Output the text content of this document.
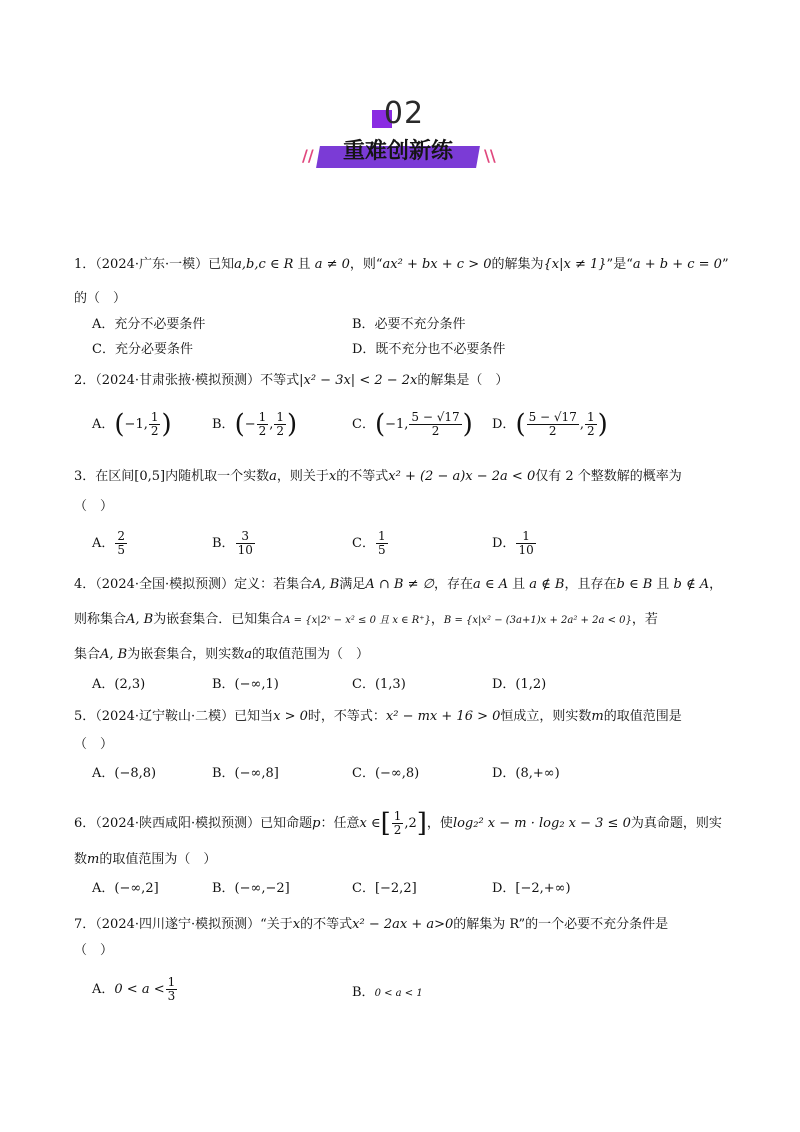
02
重难创新练
//	\\
1．（2024·广东·一模）已知a,b,c ∈ R 且 a ≠ 0，则“ax² + bx + c > 0的解集为{x|x ≠ 1}”是“a + b + c = 0”
的（　）
A．充分不必要条件	B．必要不充分条件
C．充分必要条件	D．既不充分也不必要条件
2．（2024·甘肃张掖·模拟预测）不等式|x² − 3x| < 2 − 2x的解集是（　）
A．(−1, $\frac{1}{2}$ )	B．(− $\frac{1}{2}$ , $\frac{1}{2}$ )	C．(−1, $\frac{5 - √17}{2}$ ) D．( $\frac{5 - √17}{2}$ , $\frac{1}{2}$ )
3．在区间[0,5]内随机取一个实数a，则关于x的不等式x² + (2 − a)x − 2a < 0仅有 2 个整数解的概率为
（　）
A． $\frac{2}{5}$	B． $\frac{3}{10}$	C． $\frac{1}{5}$	D． $\frac{1}{10}$
4．（2024·全国·模拟预测）定义：若集合A, B满足A ∩ B ≠ ∅，存在a ∈ A 且 a ∉ B，且存在b ∈ B 且 b ∉ A，
则称集合A, B为嵌套集合．已知集合A = {x|2ˣ − x² ≤ 0 且 x ∈ R⁺}，B = {x|x² − (3a+1)x + 2a² + 2a < 0}，若
集合A, B为嵌套集合，则实数a的取值范围为（　）
A．(2,3)	B．(−∞,1)	C．(1,3)	D．(1,2)
5．（2024·辽宁鞍山·二模）已知当x > 0时，不等式：x² − mx + 16 > 0恒成立，则实数m的取值范围是
（　）
A．(−8,8)	B．(−∞,8]	C．(−∞,8)	D．(8,+∞)
6．（2024·陕西咸阳·模拟预测）已知命题p：任意x ∈[ $\frac{1}{2} ,2$]，使log₂² x − m · log₂ x − 3 ≤ 0为真命题，则实
数m的取值范围为（　）
A．(−∞,2]	B．(−∞,−2]	C．[−2,2]	D．[−2,+∞)
7．（2024·四川遂宁·模拟预测）“关于x的不等式x² − 2ax + a>0的解集为 R”的一个必要不充分条件是
（　）
A．$0 < a < \frac{1}{3}$	B．0 < a < 1
